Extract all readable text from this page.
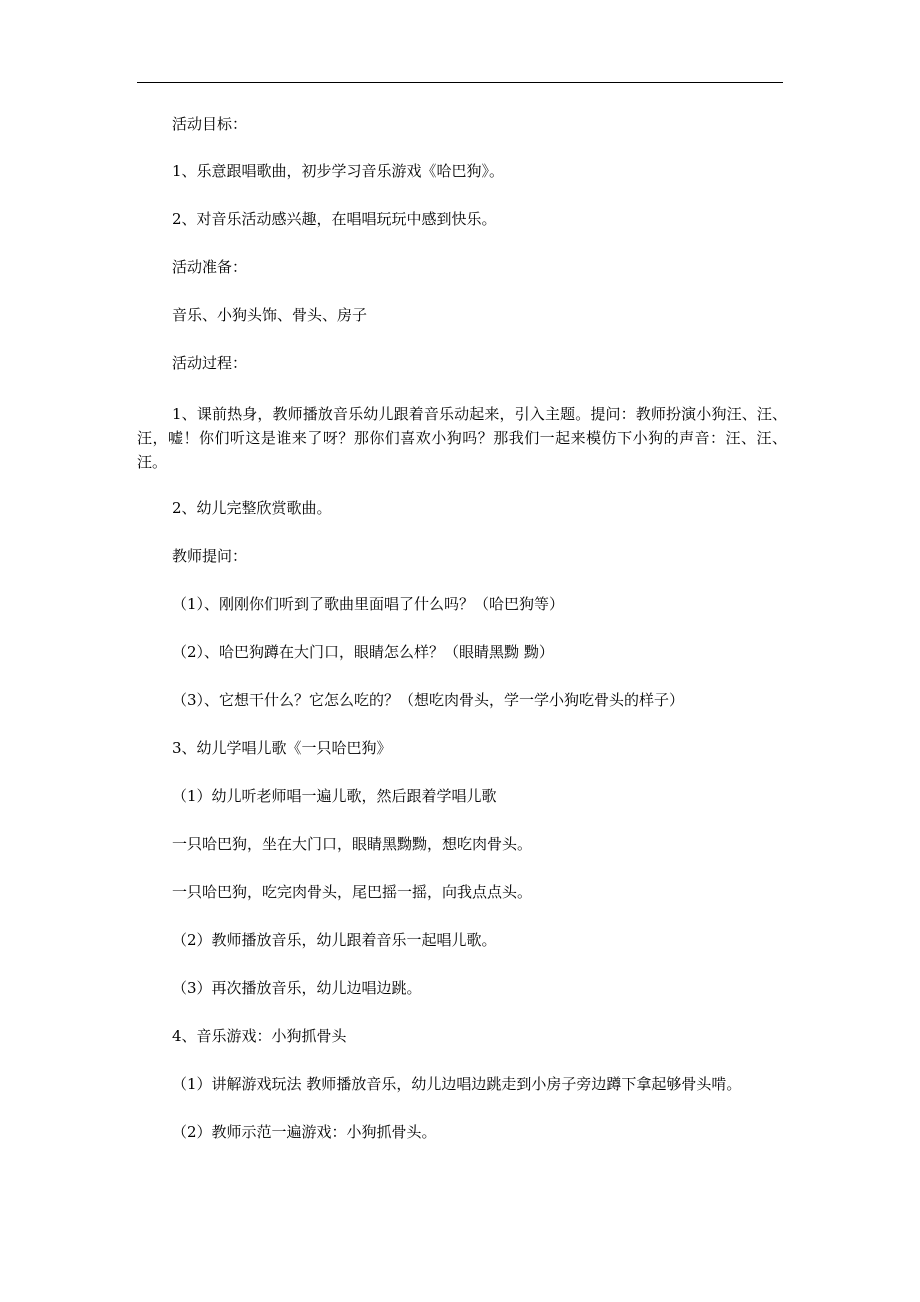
活动目标：
1、乐意跟唱歌曲，初步学习音乐游戏《哈巴狗》。
2、对音乐活动感兴趣，在唱唱玩玩中感到快乐。
活动准备：
音乐、小狗头饰、骨头、房子
活动过程：
1、课前热身，教师播放音乐幼儿跟着音乐动起来，引入主题。提问：教师扮演小狗汪、汪、汪，嘘！你们听这是谁来了呀？那你们喜欢小狗吗？那我们一起来模仿下小狗的声音：汪、汪、汪。
2、幼儿完整欣赏歌曲。
教师提问：
（1）、刚刚你们听到了歌曲里面唱了什么吗？（哈巴狗等）
（2）、哈巴狗蹲在大门口，眼睛怎么样？（眼睛黑黝 黝）
（3）、它想干什么？它怎么吃的？（想吃肉骨头，学一学小狗吃骨头的样子）
3、幼儿学唱儿歌《一只哈巴狗》
（1）幼儿听老师唱一遍儿歌，然后跟着学唱儿歌
一只哈巴狗，坐在大门口，眼睛黑黝黝，想吃肉骨头。
一只哈巴狗，吃完肉骨头，尾巴摇一摇，向我点点头。
（2）教师播放音乐，幼儿跟着音乐一起唱儿歌。
（3）再次播放音乐，幼儿边唱边跳。
4、音乐游戏：小狗抓骨头
（1）讲解游戏玩法 教师播放音乐，幼儿边唱边跳走到小房子旁边蹲下拿起够骨头啃。
（2）教师示范一遍游戏：小狗抓骨头。
